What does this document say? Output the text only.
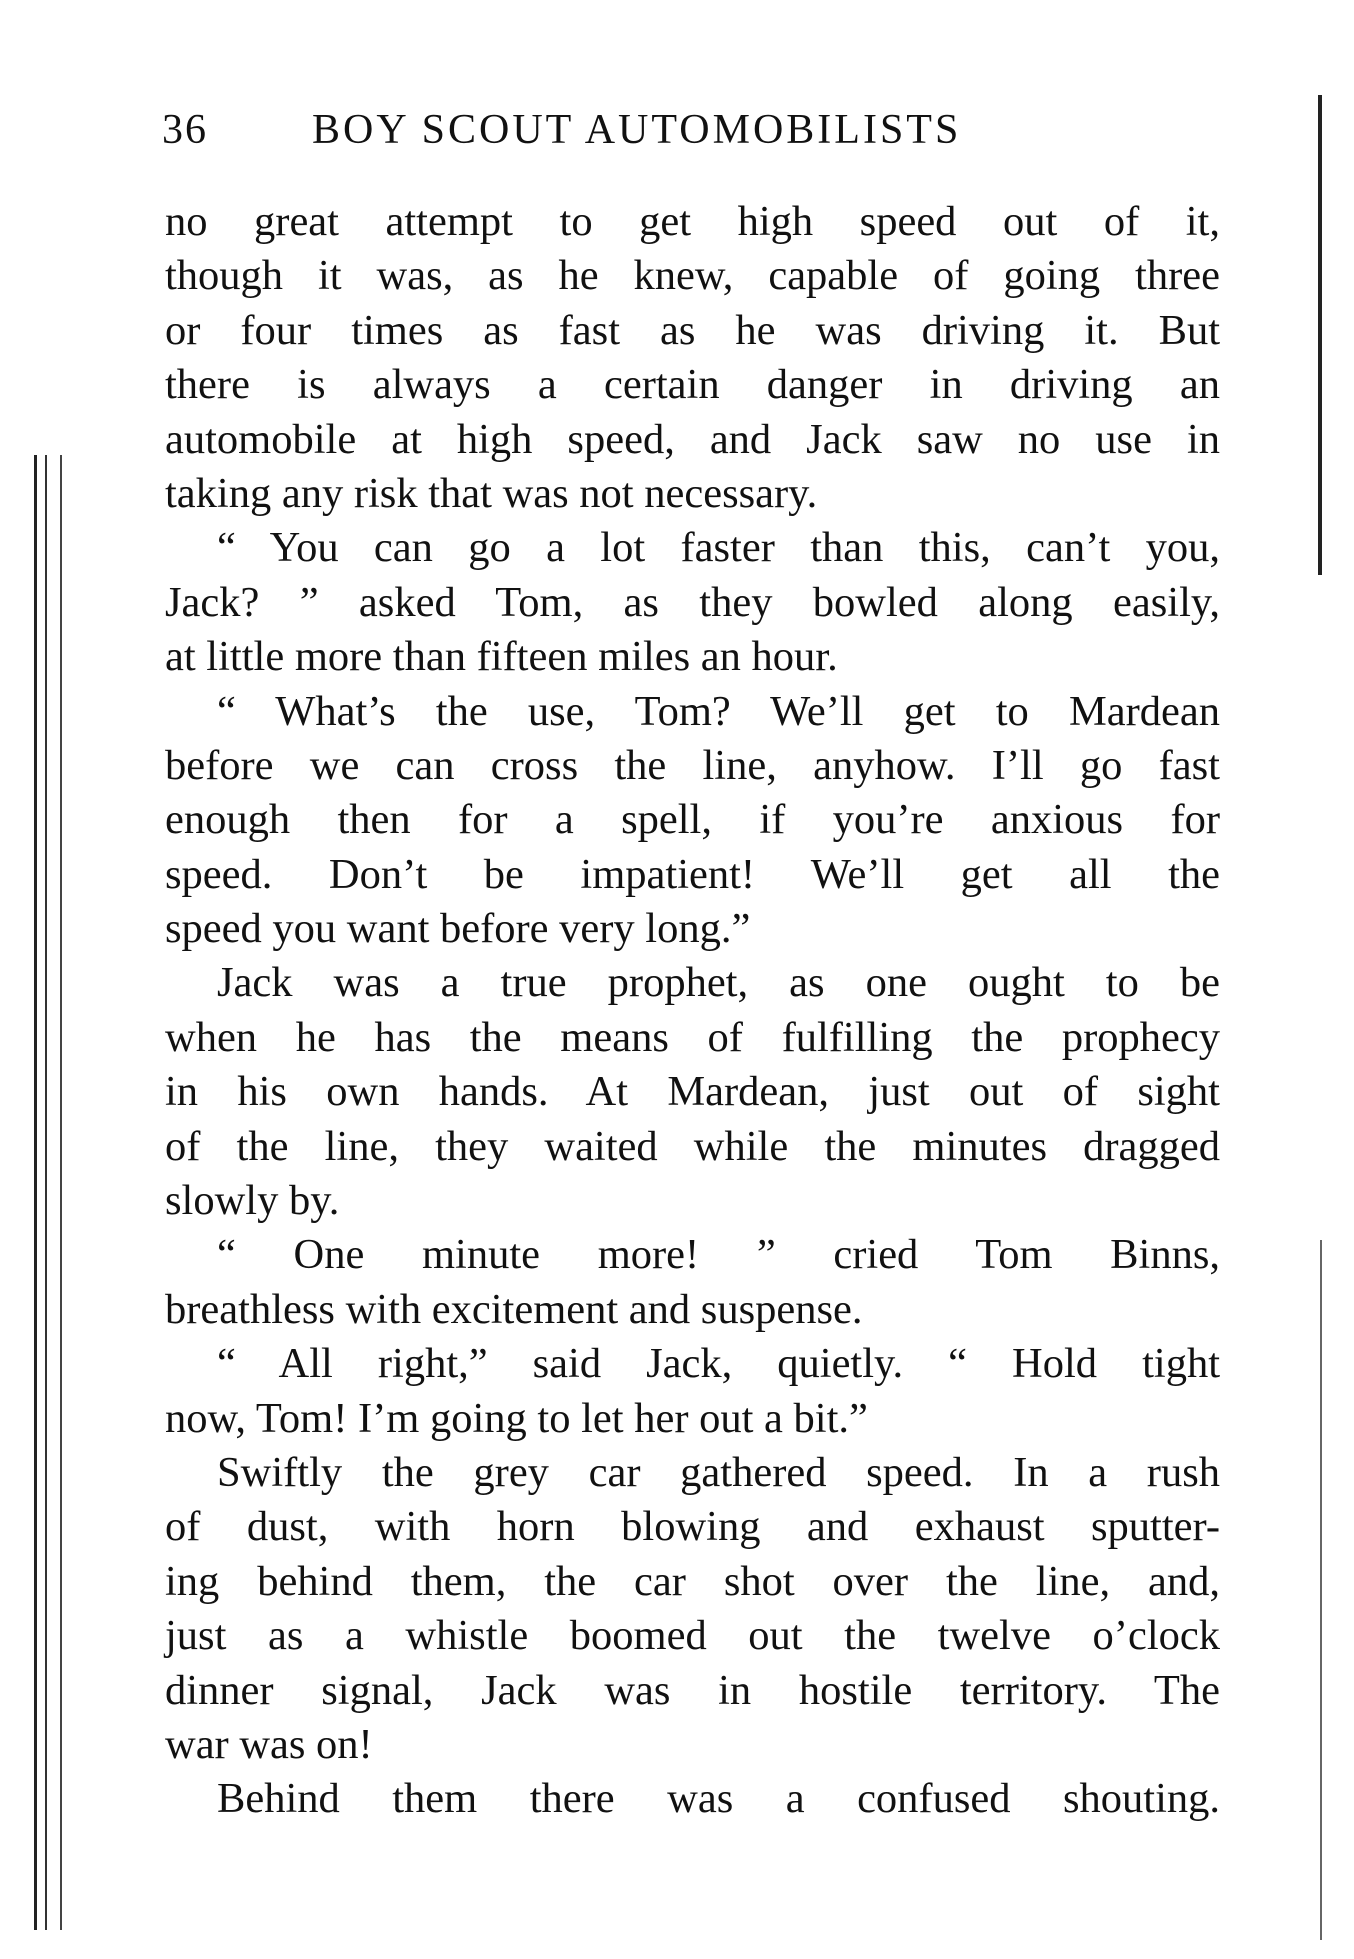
36	BOY SCOUT AUTOMOBILISTS
no great attempt to get high speed out of it,
though it was, as he knew, capable of going three
or four times as fast as he was driving it. But
there is always a certain danger in driving an
automobile at high speed, and Jack saw no use in
taking any risk that was not necessary.
“ You can go a lot faster than this, can’t you,
Jack? ” asked Tom, as they bowled along easily,
at little more than fifteen miles an hour.
“ What’s the use, Tom? We’ll get to Mardean
before we can cross the line, anyhow. I’ll go fast
enough then for a spell, if you’re anxious for
speed. Don’t be impatient! We’ll get all the
speed you want before very long.”
Jack was a true prophet, as one ought to be
when he has the means of fulfilling the prophecy
in his own hands. At Mardean, just out of sight
of the line, they waited while the minutes dragged
slowly by.
“ One minute more! ” cried Tom Binns,
breathless with excitement and suspense.
“ All right,” said Jack, quietly. “ Hold tight
now, Tom! I’m going to let her out a bit.”
Swiftly the grey car gathered speed. In a rush
of dust, with horn blowing and exhaust sputter-
ing behind them, the car shot over the line, and,
just as a whistle boomed out the twelve o’clock
dinner signal, Jack was in hostile territory. The
war was on!
Behind them there was a confused shouting.
